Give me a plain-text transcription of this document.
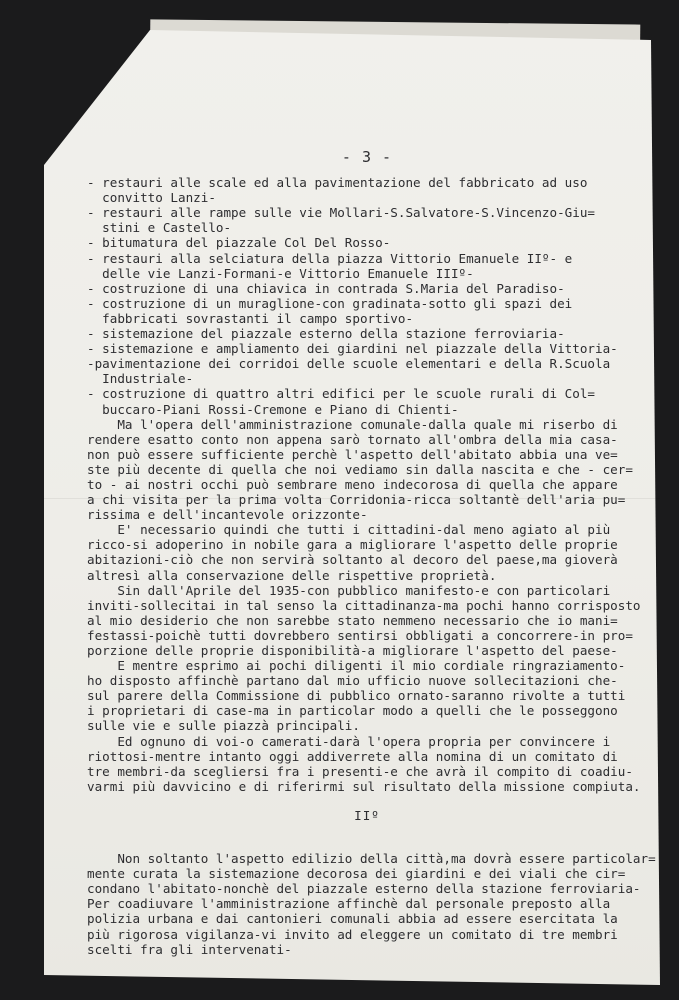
- 3 -
- restauri alle scale ed alla pavimentazione del fabbricato ad uso
convitto Lanzi-
- restauri alle rampe sulle vie Mollari-S.Salvatore-S.Vincenzo-Giu=
stini e Castello-
- bitumatura del piazzale Col Del Rosso-
- restauri alla selciatura della piazza Vittorio Emanuele IIº- e
delle vie Lanzi-Formani-e Vittorio Emanuele IIIº-
- costruzione di una chiavica in contrada S.Maria del Paradiso-
- costruzione di un muraglione-con gradinata-sotto gli spazi dei
fabbricati sovrastanti il campo sportivo-
- sistemazione del piazzale esterno della stazione ferroviaria-
- sistemazione e ampliamento dei giardini nel piazzale della Vittoria-
-pavimentazione dei corridoi delle scuole elementari e della R.Scuola
Industriale-
- costruzione di quattro altri edifici per le scuole rurali di Col=
buccaro-Piani Rossi-Cremone e Piano di Chienti-
Ma l'opera dell'amministrazione comunale-dalla quale mi riserbo di
rendere esatto conto non appena sarò tornato all'ombra della mia casa-
non può essere sufficiente perchè l'aspetto dell'abitato abbia una ve=
ste più decente di quella che noi vediamo sin dalla nascita e che - cer=
to - ai nostri occhi può sembrare meno indecorosa di quella che appare
a chi visita per la prima volta Corridonia-ricca soltantè dell'aria pu=
rissima e dell'incantevole orizzonte-
E' necessario quindi che tutti i cittadini-dal meno agiato al più
ricco-si adoperino in nobile gara a migliorare l'aspetto delle proprie
abitazioni-ciò che non servirà soltanto al decoro del paese,ma gioverà
altresì alla conservazione delle rispettive proprietà.
Sin dall'Aprile del 1935-con pubblico manifesto-e con particolari
inviti-sollecitai in tal senso la cittadinanza-ma pochi hanno corrisposto
al mio desiderio che non sarebbe stato nemmeno necessario che io mani=
festassi-poichè tutti dovrebbero sentirsi obbligati a concorrere-in pro=
porzione delle proprie disponibilità-a migliorare l'aspetto del paese-
E mentre esprimo ai pochi diligenti il mio cordiale ringraziamento-
ho disposto affinchè partano dal mio ufficio nuove sollecitazioni che-
sul parere della Commissione di pubblico ornato-saranno rivolte a tutti
i proprietari di case-ma in particolar modo a quelli che le posseggono
sulle vie e sulle piazzà principali.
Ed ognuno di voi-o camerati-darà l'opera propria per convincere i
riottosi-mentre intanto oggi addiverrete alla nomina di un comitato di
tre membri-da scegliersi fra i presenti-e che avrà il compito di coadiu-
varmi più davvicino e di riferirmi sul risultato della missione compiuta.
IIº
Non soltanto l'aspetto edilizio della città,ma dovrà essere particolar=
mente curata la sistemazione decorosa dei giardini e dei viali che cir=
condano l'abitato-nonchè del piazzale esterno della stazione ferroviaria-
Per coadiuvare l'amministrazione affinchè dal personale preposto alla
polizia urbana e dai cantonieri comunali abbia ad essere esercitata la
più rigorosa vigilanza-vi invito ad eleggere un comitato di tre membri
scelti fra gli intervenati-
